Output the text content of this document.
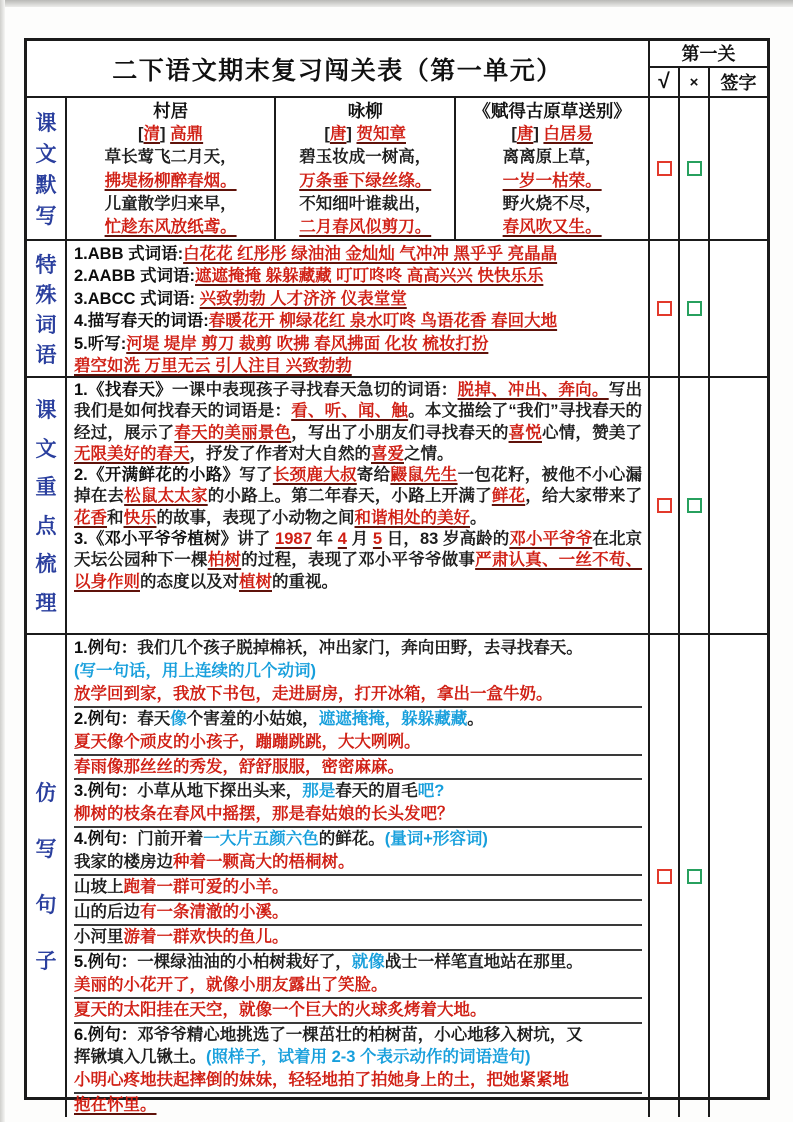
二下语文期末复习闯关表（第一单元）
第一关
√	×	签字
课
文
默
写
村居
[清] 高鼎
草长莺飞二月天，
拂堤杨柳醉春烟。
儿童散学归来早，
忙趁东风放纸鸢。
咏柳
[唐] 贺知章
碧玉妆成一树高，
万条垂下绿丝绦。
不知细叶谁裁出，
二月春风似剪刀。
《赋得古原草送别》
[唐] 白居易
离离原上草，
一岁一枯荣。
野火烧不尽，
春风吹又生。
特
殊
词
语
1.ABB 式词语:白花花 红彤彤 绿油油 金灿灿 气冲冲 黑乎乎 亮晶晶
2.AABB 式词语:遮遮掩掩 躲躲藏藏 叮叮咚咚 高高兴兴 快快乐乐
3.ABCC 式词语: 兴致勃勃 人才济济 仪表堂堂
4.描写春天的词语:春暖花开 柳绿花红 泉水叮咚 鸟语花香 春回大地
5.听写:河堤 堤岸 剪刀 裁剪 吹拂 春风拂面 化妆 梳妆打扮
碧空如洗 万里无云 引人注目 兴致勃勃
课
文
重
点
梳
理
1.《找春天》一课中表现孩子寻找春天急切的词语：脱掉、冲出、奔向。写出我们是如何找春天的词语是：看、听、闻、触。本文描绘了“我们”寻找春天的经过，展示了春天的美丽景色，写出了小朋友们寻找春天的喜悦心情，赞美了无限美好的春天，抒发了作者对大自然的喜爱之情。
2.《开满鲜花的小路》写了长颈鹿大叔寄给鼹鼠先生一包花籽，被他不小心漏掉在去松鼠太太家的小路上。第二年春天，小路上开满了鲜花，给大家带来了花香和快乐的故事，表现了小动物之间和谐相处的美好。
3.《邓小平爷爷植树》讲了 1987 年 4 月 5 日，83 岁高龄的邓小平爷爷在北京天坛公园种下一棵柏树的过程，表现了邓小平爷爷做事严肃认真、一丝不苟、以身作则的态度以及对植树的重视。
仿
写
句
子
1.例句：我们几个孩子脱掉棉袄，冲出家门，奔向田野，去寻找春天。
(写一句话，用上连续的几个动词)
放学回到家，我放下书包，走进厨房，打开冰箱，拿出一盒牛奶。
2.例句：春天像个害羞的小姑娘，遮遮掩掩，躲躲藏藏。
夏天像个顽皮的小孩子，蹦蹦跳跳，大大咧咧。
春雨像那丝丝的秀发，舒舒服服，密密麻麻。
3.例句：小草从地下探出头来，那是春天的眉毛吧?
柳树的枝条在春风中摇摆，那是春姑娘的长头发吧？
4.例句：门前开着一大片五颜六色的鲜花。(量词+形容词)
我家的楼房边种着一颗高大的梧桐树。
山坡上跑着一群可爱的小羊。
山的后边有一条清澈的小溪。
小河里游着一群欢快的鱼儿。
5.例句：一棵绿油油的小柏树栽好了，就像战士一样笔直地站在那里。
美丽的小花开了，就像小朋友露出了笑脸。
夏天的太阳挂在天空，就像一个巨大的火球炙烤着大地。
6.例句：邓爷爷精心地挑选了一棵茁壮的柏树苗，小心地移入树坑，又
挥锹填入几锹土。(照样子，试着用 2-3 个表示动作的词语造句)
小明心疼地扶起摔倒的妹妹，轻轻地拍了拍她身上的土，把她紧紧地
抱在怀里。
